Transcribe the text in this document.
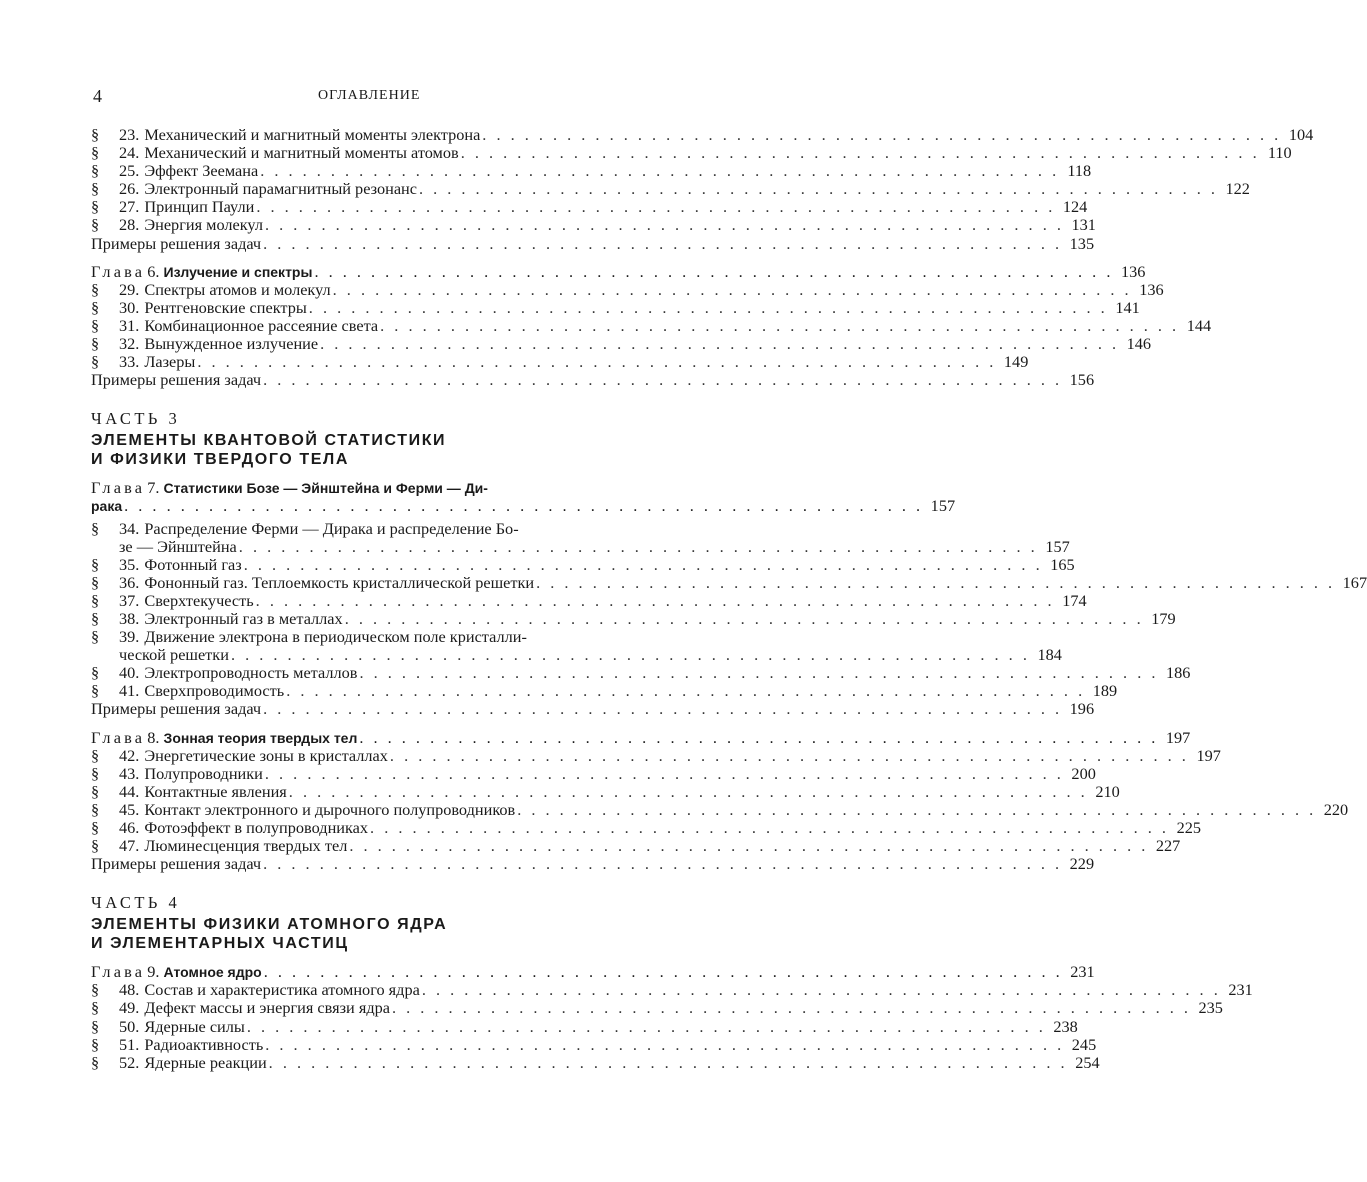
4	ОГЛАВЛЕНИЕ
§	23. Механический и магнитный моменты электрона . . .	104
§	24. Механический и магнитный моменты атомов . . .	110
§	25. Эффект Зеемана . . .	118
§	26. Электронный парамагнитный резонанс . . .	122
§	27. Принцип Паули . . .	124
§	28. Энергия молекул . . .	131
Примеры решения задач . . .	135
Глава 6.
Излучение и спектры . . .	136
§	29. Спектры атомов и молекул . . .	136
§	30. Рентгеновские спектры . . .	141
§	31. Комбинационное рассеяние света . . .	144
§	32. Вынужденное излучение . . .	146
§	33. Лазеры . . .	149
Примеры решения задач . . .	156
ЧАСТЬ 3
ЭЛЕМЕНТЫ КВАНТОВОЙ СТАТИСТИКИ
И ФИЗИКИ ТВЕРДОГО ТЕЛА
Глава 7.
Статистики Бозе — Эйнштейна и Ферми — Ди-
рака . . .	157
§	34. Распределение Ферми — Дирака и распределение Бо-
зе — Эйнштейна . . .	157
§	35. Фотонный газ . . .	165
§	36. Фононный газ. Теплоемкость кристаллической решетки . . .	167
§	37. Сверхтекучесть . . .	174
§	38. Электронный газ в металлах . . .	179
§	39. Движение электрона в периодическом поле кристалли-
ческой решетки . . .	184
§	40. Электропроводность металлов . . .	186
§	41. Сверхпроводимость . . .	189
Примеры решения задач . . .	196
Глава 8.
Зонная теория твердых тел . . .	197
§	42. Энергетические зоны в кристаллах . . .	197
§	43. Полупроводники . . .	200
§	44. Контактные явления . . .	210
§	45. Контакт электронного и дырочного полупроводников . . .	220
§	46. Фотоэффект в полупроводниках . . .	225
§	47. Люминесценция твердых тел . . .	227
Примеры решения задач . . .	229
ЧАСТЬ 4
ЭЛЕМЕНТЫ ФИЗИКИ АТОМНОГО ЯДРА
И ЭЛЕМЕНТАРНЫХ ЧАСТИЦ
Глава 9.
Атомное ядро . . .	231
§	48. Состав и характеристика атомного ядра . . .	231
§	49. Дефект массы и энергия связи ядра . . .	235
§	50. Ядерные силы . . .	238
§	51. Радиоактивность . . .	245
§	52. Ядерные реакции . . .	254
